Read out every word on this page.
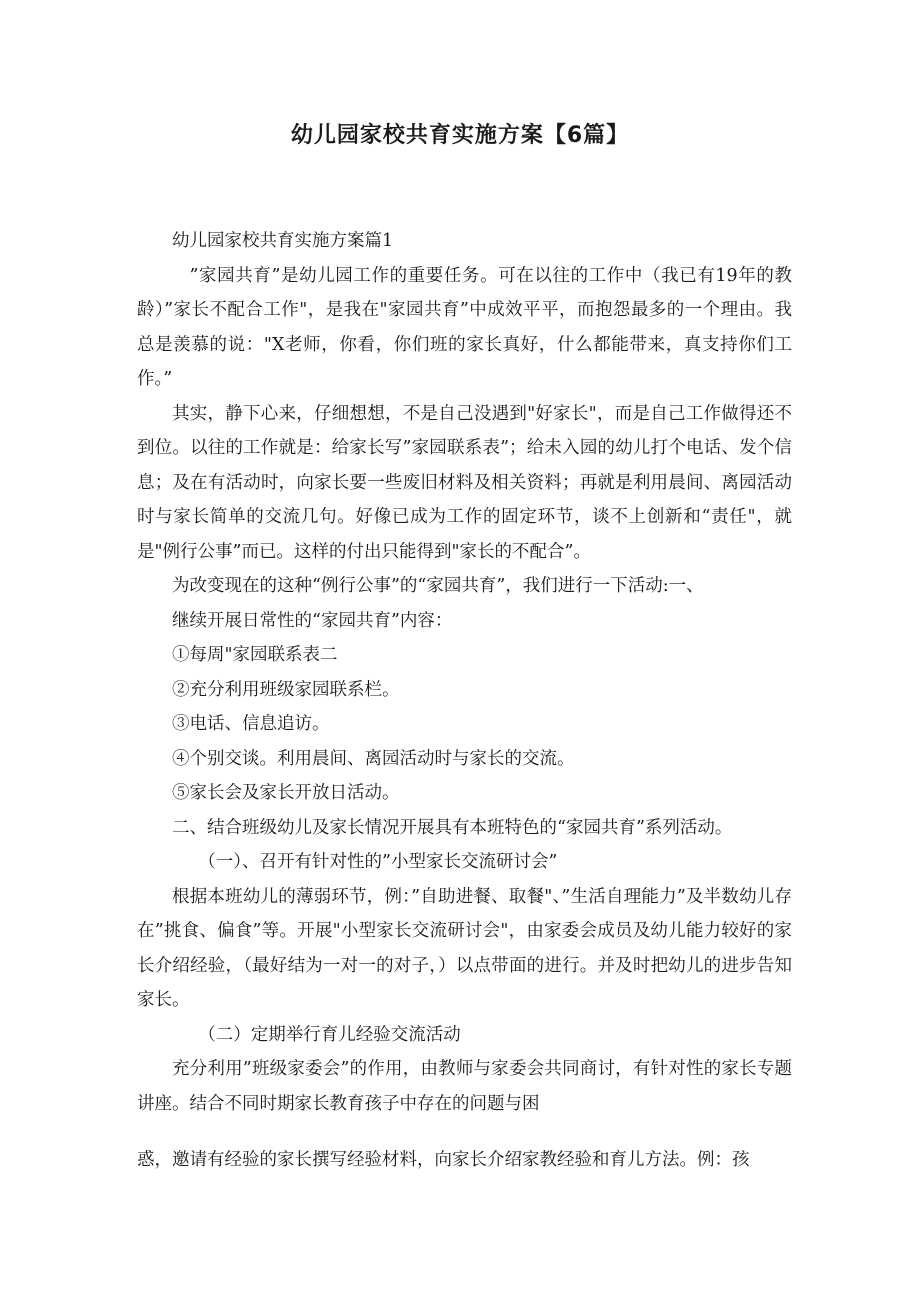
幼儿园家校共育实施方案【6篇】

幼儿园家校共育实施方案篇1

”家园共育”是幼儿园工作的重要任务。可在以往的工作中（我已有19年的教龄）”家长不配合工作"，是我在"家园共育”中成效平平，而抱怨最多的一个理由。我总是羡慕的说："X老师，你看，你们班的家长真好，什么都能带来，真支持你们工作。”

其实，静下心来，仔细想想，不是自己没遇到"好家长"，而是自己工作做得还不到位。以往的工作就是：给家长写”家园联系表”；给未入园的幼儿打个电话、发个信息；及在有活动时，向家长要一些废旧材料及相关资料；再就是利用晨间、离园活动时与家长简单的交流几句。好像已成为工作的固定环节，谈不上创新和“责任"，就是"例行公事”而已。这样的付出只能得到"家长的不配合”。

为改变现在的这种“例行公事”的“家园共育”，我们进行一下活动:一、

继续开展日常性的“家园共育”内容：

①每周"家园联系表二

②充分利用班级家园联系栏。

③电话、信息追访。

④个别交谈。利用晨间、离园活动时与家长的交流。

⑤家长会及家长开放日活动。

二、结合班级幼儿及家长情况开展具有本班特色的“家园共育”系列活动。

（一）、召开有针对性的”小型家长交流研讨会”

根据本班幼儿的薄弱环节，例：”自助进餐、取餐"、”生活自理能力”及半数幼儿存在”挑食、偏食”等。开展"小型家长交流研讨会"，由家委会成员及幼儿能力较好的家长介绍经验，（最好结为一对一的对子，）以点带面的进行。并及时把幼儿的进步告知家长。

（二）定期举行育儿经验交流活动

充分利用”班级家委会”的作用，由教师与家委会共同商讨，有针对性的家长专题讲座。结合不同时期家长教育孩子中存在的问题与困

惑，邀请有经验的家长撰写经验材料，向家长介绍家教经验和育儿方法。例：孩
